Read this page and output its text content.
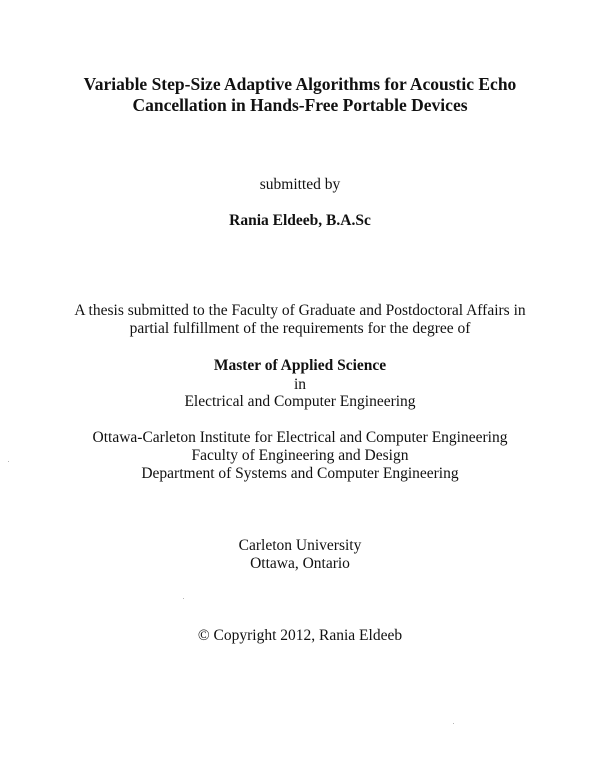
Variable Step-Size Adaptive Algorithms for Acoustic Echo
Cancellation in Hands-Free Portable Devices
submitted by
Rania Eldeeb, B.A.Sc
A thesis submitted to the Faculty of Graduate and Postdoctoral Affairs in
partial fulfillment of the requirements for the degree of
Master of Applied Science
in
Electrical and Computer Engineering
Ottawa-Carleton Institute for Electrical and Computer Engineering
Faculty of Engineering and Design
Department of Systems and Computer Engineering
Carleton University
Ottawa, Ontario
© Copyright 2012, Rania Eldeeb
